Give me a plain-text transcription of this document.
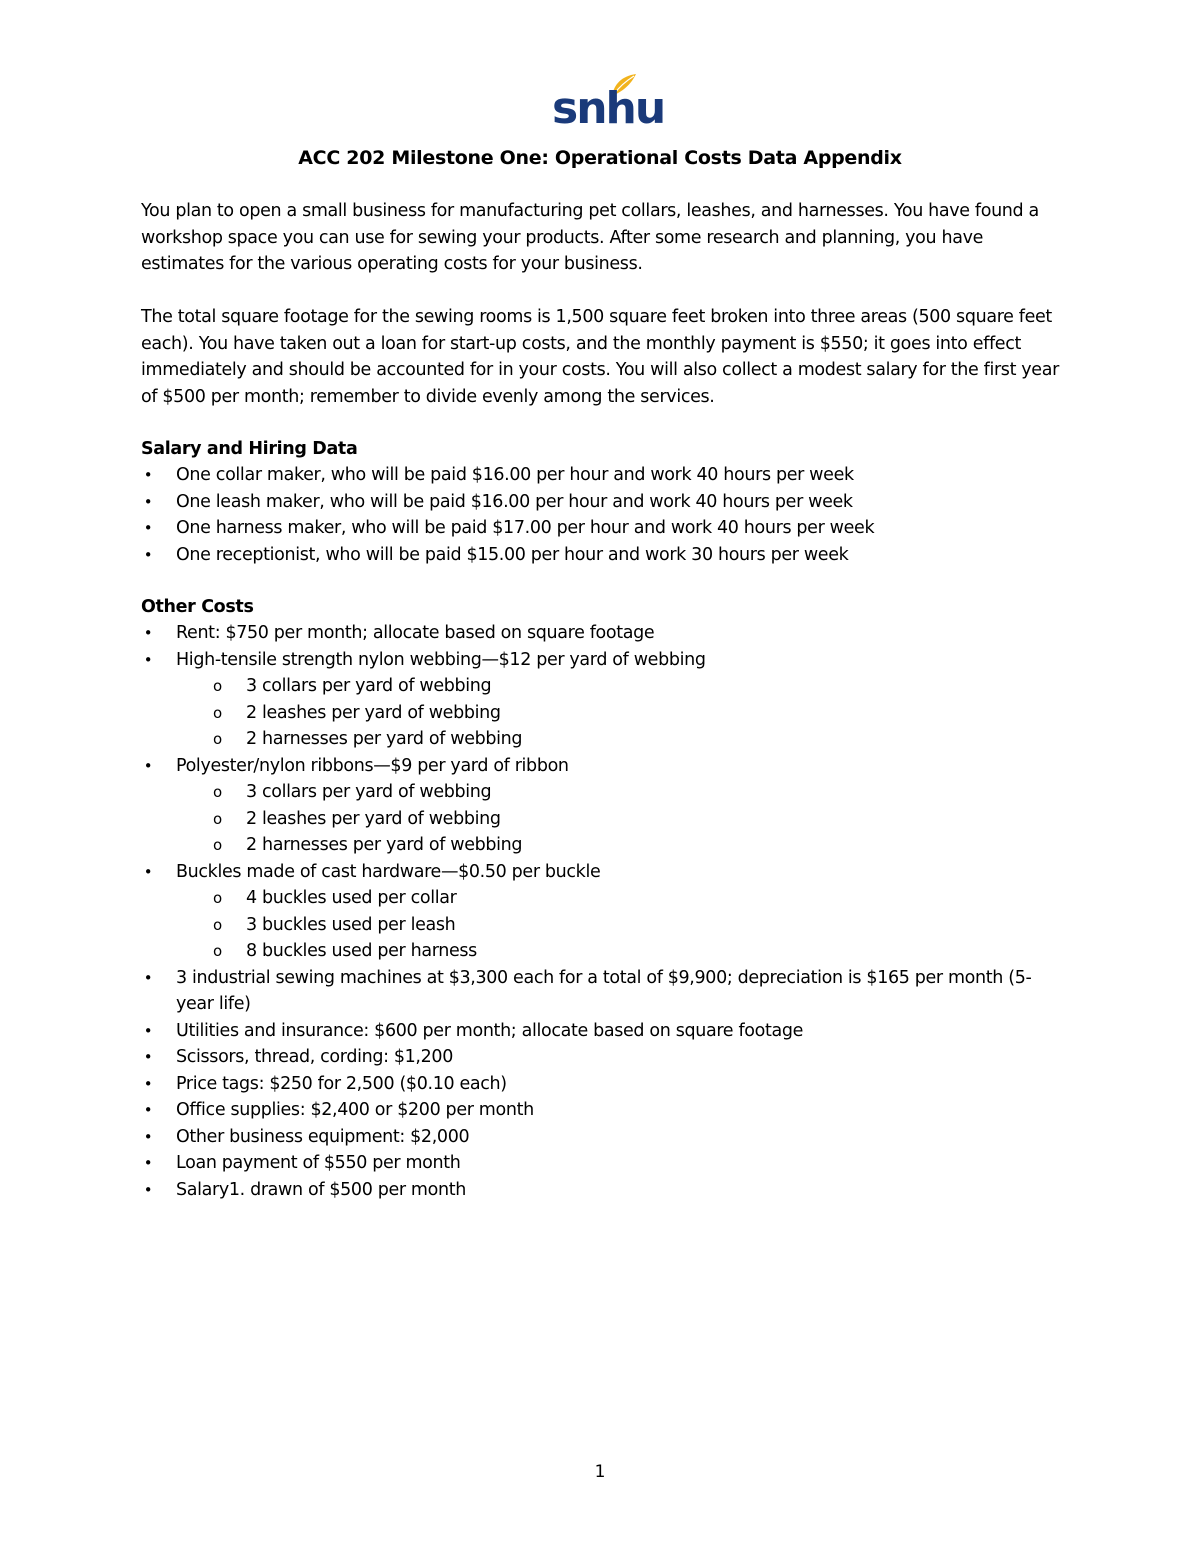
snhu
ACC 202 Milestone One: Operational Costs Data Appendix
You plan to open a small business for manufacturing pet collars, leashes, and harnesses. You have found a workshop space you can use for sewing your products. After some research and planning, you have estimates for the various operating costs for your business.
The total square footage for the sewing rooms is 1,500 square feet broken into three areas (500 square feet each). You have taken out a loan for start-up costs, and the monthly payment is $550; it goes into effect immediately and should be accounted for in your costs. You will also collect a modest salary for the first year of $500 per month; remember to divide evenly among the services.
Salary and Hiring Data
• One collar maker, who will be paid $16.00 per hour and work 40 hours per week
• One leash maker, who will be paid $16.00 per hour and work 40 hours per week
• One harness maker, who will be paid $17.00 per hour and work 40 hours per week
• One receptionist, who will be paid $15.00 per hour and work 30 hours per week
Other Costs
• Rent: $750 per month; allocate based on square footage
• High-tensile strength nylon webbing—$12 per yard of webbing
o 3 collars per yard of webbing
o 2 leashes per yard of webbing
o 2 harnesses per yard of webbing
• Polyester/nylon ribbons—$9 per yard of ribbon
o 3 collars per yard of webbing
o 2 leashes per yard of webbing
o 2 harnesses per yard of webbing
• Buckles made of cast hardware—$0.50 per buckle
o 4 buckles used per collar
o 3 buckles used per leash
o 8 buckles used per harness
• 3 industrial sewing machines at $3,300 each for a total of $9,900; depreciation is $165 per month (5-year life)
• Utilities and insurance: $600 per month; allocate based on square footage
• Scissors, thread, cording: $1,200
• Price tags: $250 for 2,500 ($0.10 each)
• Office supplies: $2,400 or $200 per month
• Other business equipment: $2,000
• Loan payment of $550 per month
• Salary1. drawn of $500 per month
1
